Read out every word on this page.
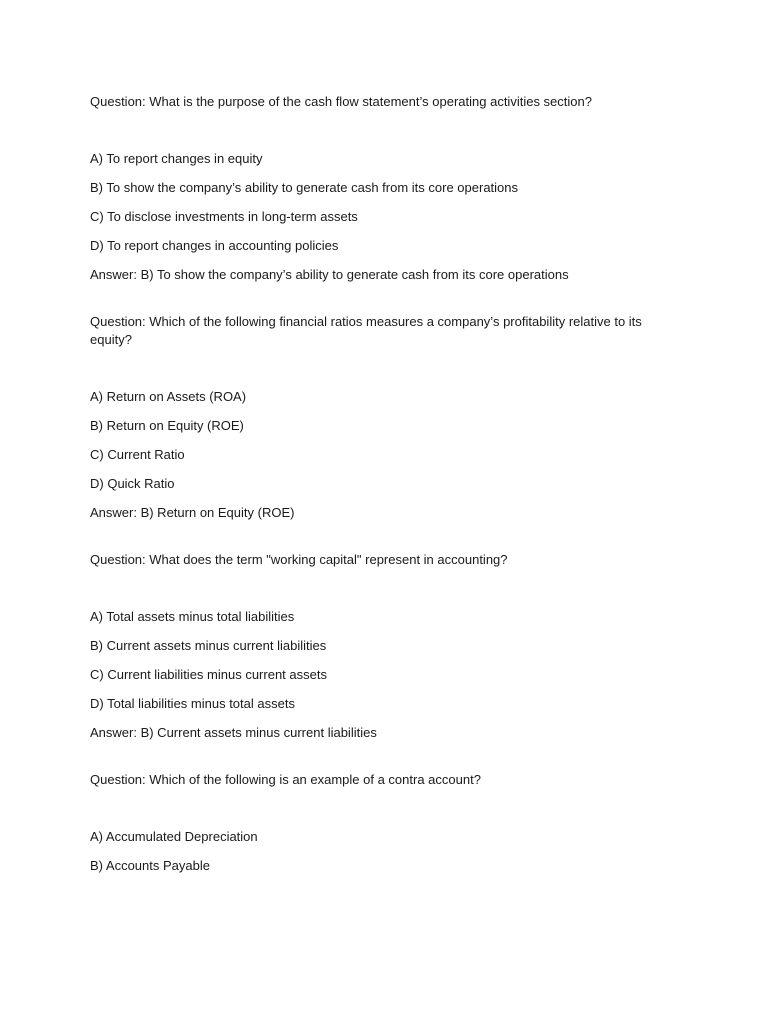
Question: What is the purpose of the cash flow statement’s operating activities section?

A) To report changes in equity

B) To show the company’s ability to generate cash from its core operations

C) To disclose investments in long-term assets

D) To report changes in accounting policies

Answer: B) To show the company’s ability to generate cash from its core operations

Question: Which of the following financial ratios measures a company’s profitability relative to its equity?

A) Return on Assets (ROA)

B) Return on Equity (ROE)

C) Current Ratio

D) Quick Ratio

Answer: B) Return on Equity (ROE)

Question: What does the term "working capital" represent in accounting?

A) Total assets minus total liabilities

B) Current assets minus current liabilities

C) Current liabilities minus current assets

D) Total liabilities minus total assets

Answer: B) Current assets minus current liabilities

Question: Which of the following is an example of a contra account?

A) Accumulated Depreciation

B) Accounts Payable
